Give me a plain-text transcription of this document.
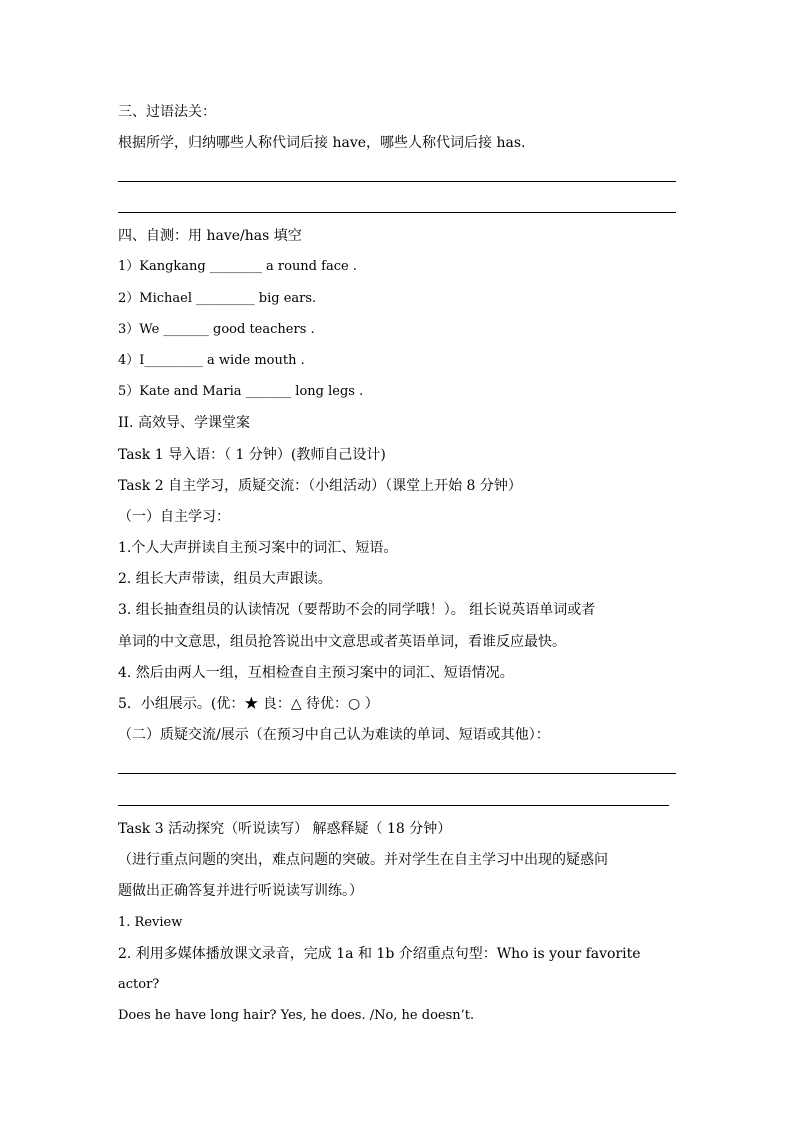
三、过语法关：
根据所学，归纳哪些人称代词后接 have，哪些人称代词后接 has.
四、自测：用 have/has 填空
1）Kangkang ________ a round face .
2）Michael _________ big ears.
3）We _______ good teachers .
4）I_________ a wide mouth .
5）Kate and Maria _______ long legs .
II. 高效导、学课堂案
Task 1 导入语：（ 1 分钟）(教师自己设计)
Task 2 自主学习，质疑交流：（小组活动）（课堂上开始 8 分钟）
（一）自主学习：
1.个人大声拼读自主预习案中的词汇、短语。
2. 组长大声带读，组员大声跟读。
3. 组长抽查组员的认读情况（要帮助不会的同学哦！）。 组长说英语单词或者
单词的中文意思，组员抢答说出中文意思或者英语单词，看谁反应最快。
4. 然后由两人一组，互相检查自主预习案中的词汇、短语情况。
5．小组展示。(优：★ 良：△ 待优：○ ）
（二）质疑交流/展示（在预习中自己认为难读的单词、短语或其他）：
Task 3 活动探究（听说读写） 解惑释疑（ 18 分钟）
（进行重点问题的突出，难点问题的突破。并对学生在自主学习中出现的疑惑问
题做出正确答复并进行听说读写训练。）
1. Review
2. 利用多媒体播放课文录音，完成 1a 和 1b 介绍重点句型：Who is your favorite
actor?
Does he have long hair? Yes, he does. /No, he doesn’t.
